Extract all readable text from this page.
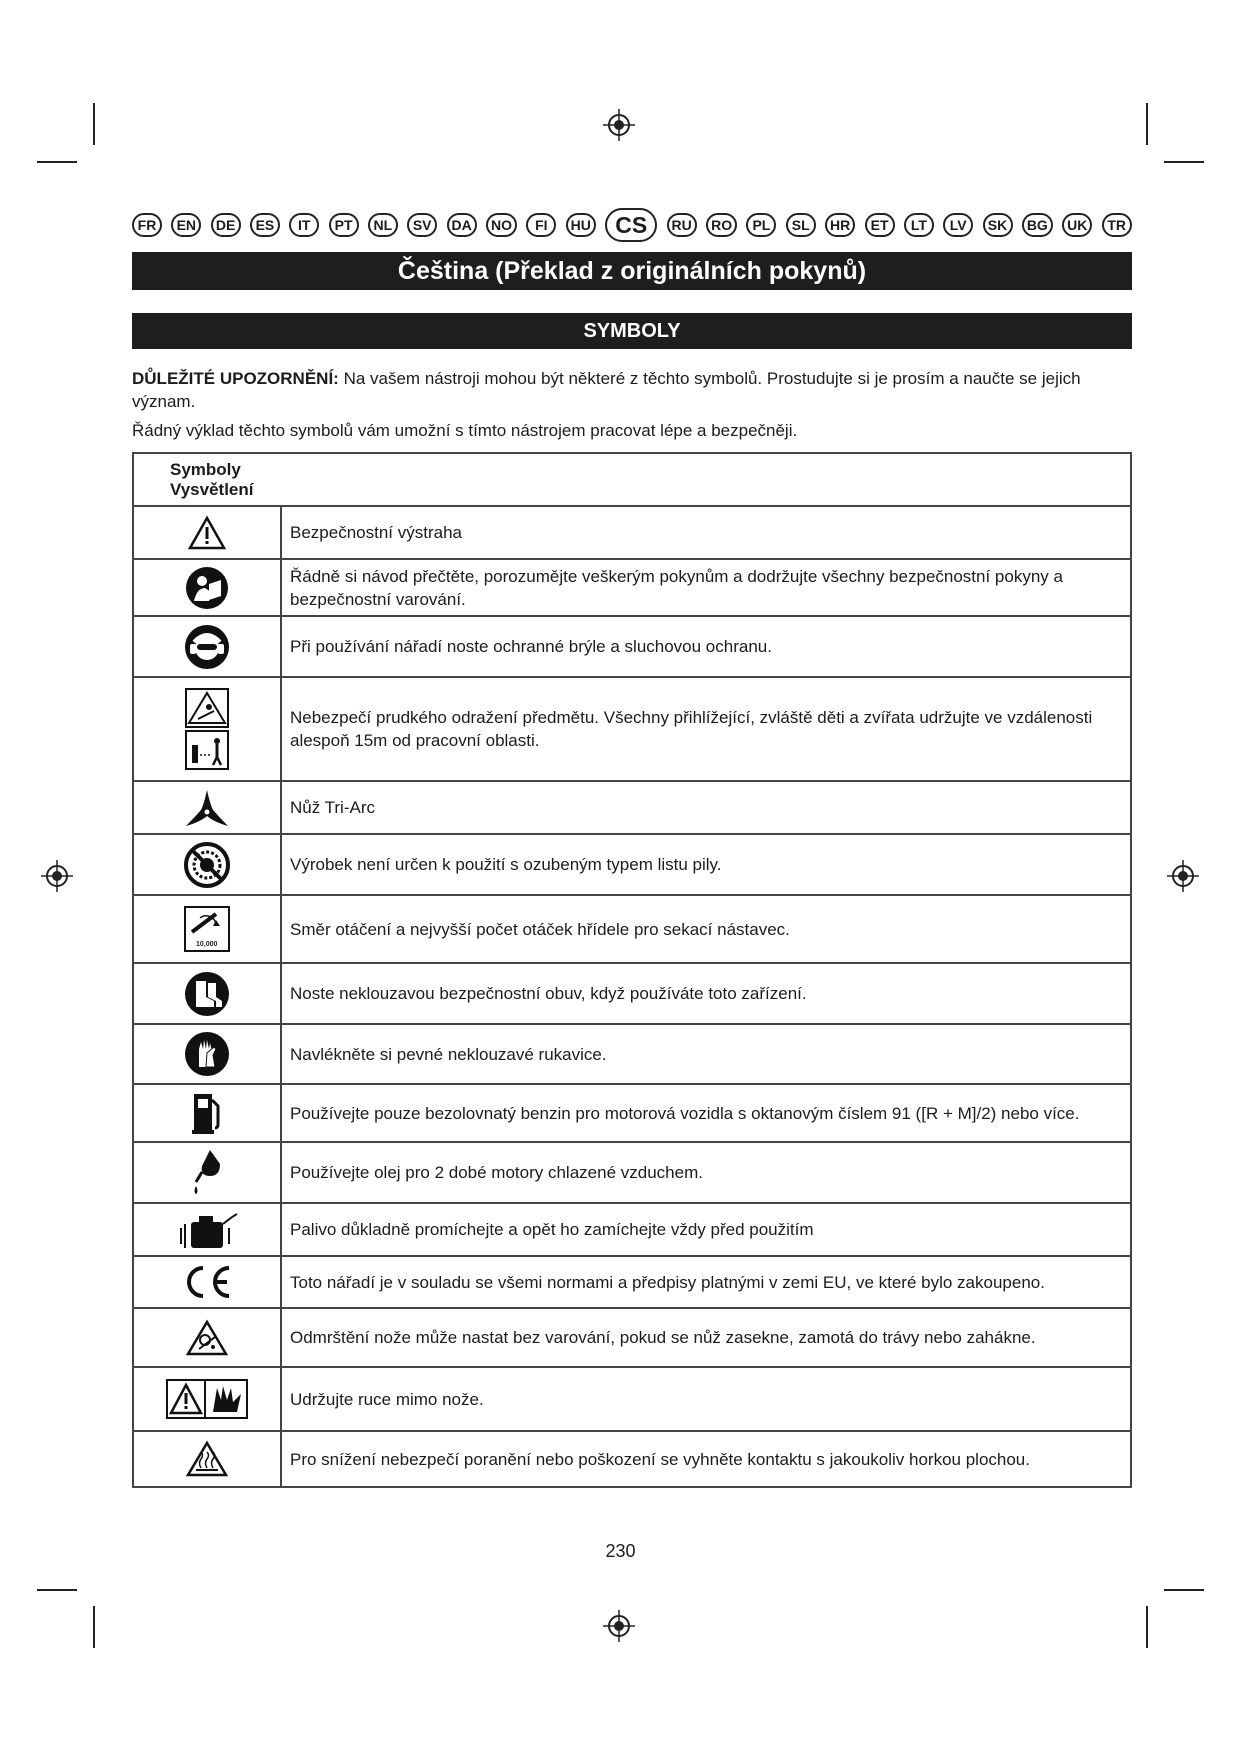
FR	EN	DE	ES	IT	PT	NL	SV	DA	NO	FI	HU	CS	RU	RO	PL	SL	HR	ET	LT	LV	SK	BG	UK	TR
Čeština (Překlad z originálních pokynů)
SYMBOLY
DŮLEŽITÉ UPOZORNĚNÍ: Na vašem nástroji mohou být některé z těchto symbolů. Prostudujte si je prosím a naučte se jejich význam.
Řádný výklad těchto symbolů vám umožní s tímto nástrojem pracovat lépe a bezpečněji.
Symboly Vysvětlení	
	Bezpečnostní výstraha
	Řádně si návod přečtěte, porozumějte veškerým pokynům a dodržujte všechny bezpečnostní pokyny a bezpečnostní varování.
	Při používání nářadí noste ochranné brýle a sluchovou ochranu.
	Nebezpečí prudkého odražení předmětu. Všechny přihlížející, zvláště děti a zvířata udržujte ve vzdálenosti alespoň 15m od pracovní oblasti.
	Nůž Tri-Arc
	Výrobek není určen k použití s ozubeným typem listu pily.

10,000	Směr otáčení a nejvyšší počet otáček hřídele pro sekací nástavec.
	Noste neklouzavou bezpečnostní obuv, když používáte toto zařízení.
	Navlékněte si pevné neklouzavé rukavice.
	Používejte pouze bezolovnatý benzin pro motorová vozidla s oktanovým číslem 91 ([R + M]/2) nebo více.
	Používejte olej pro 2 dobé motory chlazené vzduchem.
	Palivo důkladně promíchejte a opět ho zamíchejte vždy před použitím
	Toto nářadí je v souladu se všemi normami a předpisy platnými v zemi EU, ve které bylo zakoupeno.
	Odmrštění nože může nastat bez varování, pokud se nůž zasekne, zamotá do trávy nebo zahákne.
	Udržujte ruce mimo nože.
	Pro snížení nebezpečí poranění nebo poškození se vyhněte kontaktu s jakoukoliv horkou plochou.
230
